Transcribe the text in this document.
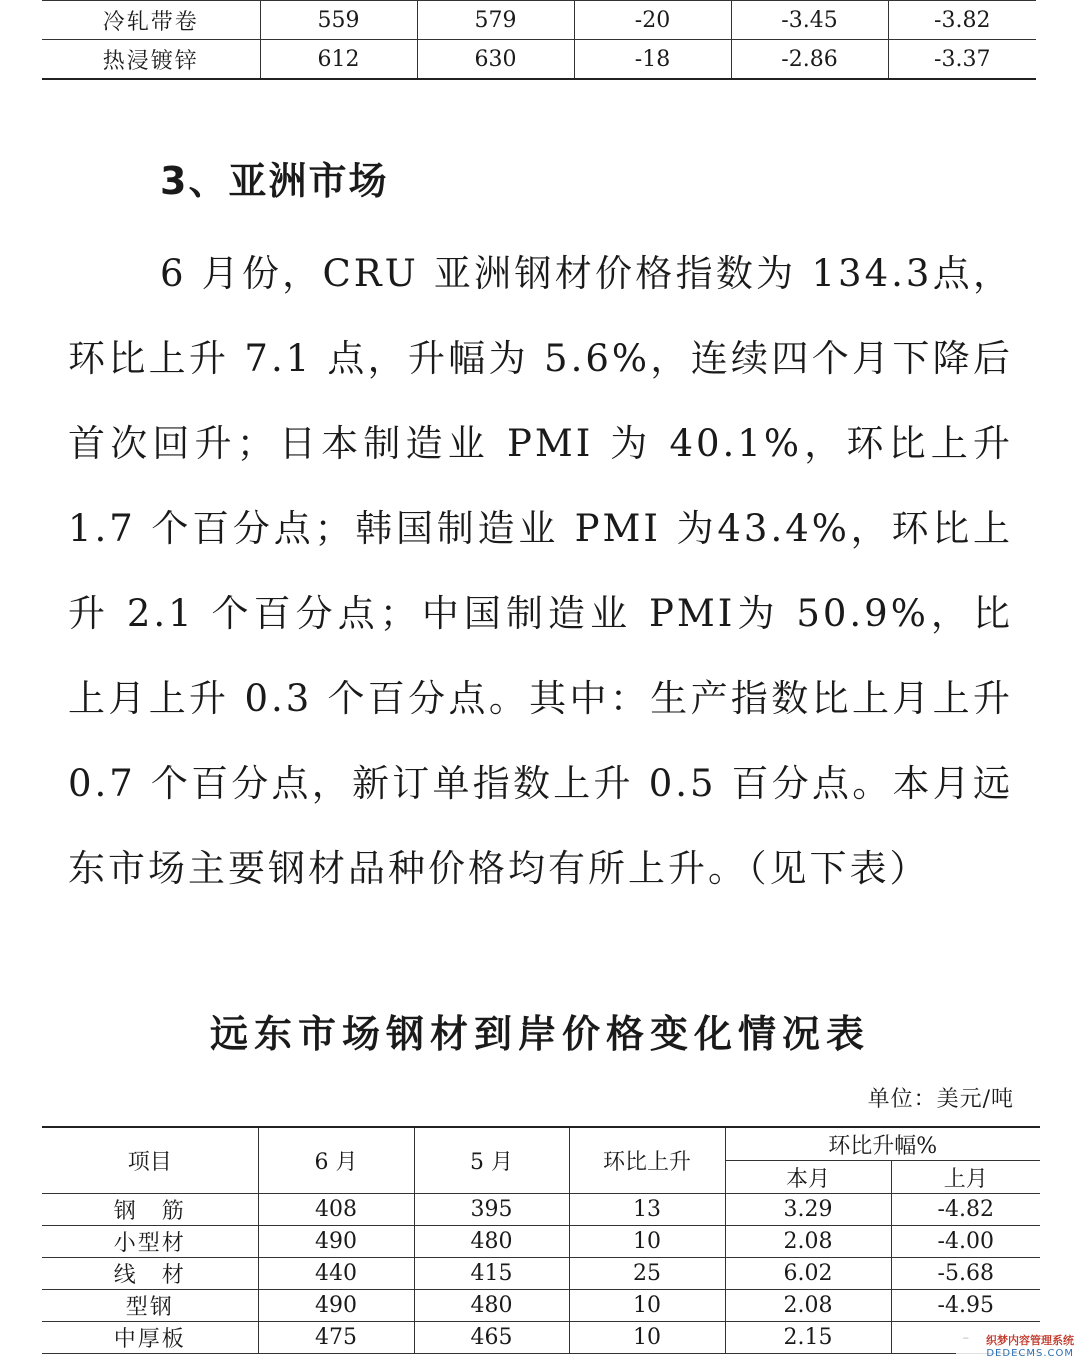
冷轧带卷	559	579	-20	-3.45	-3.82
热浸镀锌	612	630	-18	-2.86	-3.37
3、亚洲市场

6 月份，CRU 亚洲钢材价格指数为 134.3点，环比上升 7.1 点，升幅为 5.6%，连续四个月下降后首次回升；日本制造业 PMI 为 40.1%，环比上升 1.7 个百分点；韩国制造业 PMI 为43.4%，环比上升 2.1 个百分点；中国制造业 PMI为 50.9%，比上月上升 0.3 个百分点。其中：生产指数比上月上升 0.7 个百分点，新订单指数上升 0.5 百分点。本月远东市场主要钢材品种价格均有所上升。（见下表）

远东市场钢材到岸价格变化情况表
单位：美元/吨
项目	6 月	5 月	环比上升	环比升幅%	
				本月	上月
钢　筋	408	395	13	3.29	-4.82
小型材	490	480	10	2.08	-4.00
线　材	440	415	25	6.02	-5.68
型钢	490	480	10	2.08	-4.95
中厚板	475	465	10	2.15		织梦内容管理系统
DEDECMS.COM
